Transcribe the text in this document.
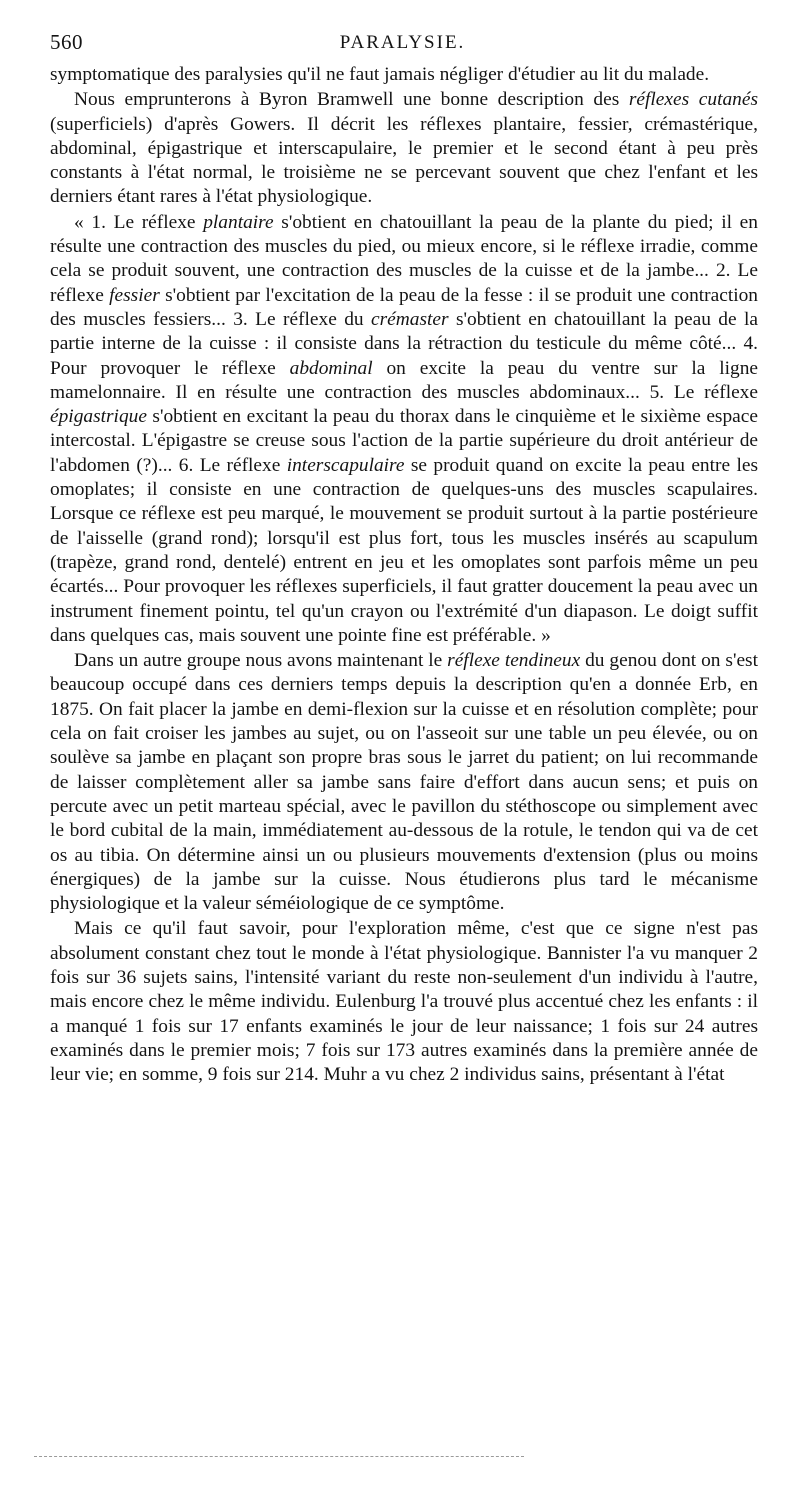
560	PARALYSIE.

symptomatique des paralysies qu'il ne faut jamais négliger d'étudier au lit du malade.

Nous emprunterons à Byron Bramwell une bonne description des réflexes cutanés (superficiels) d'après Gowers. Il décrit les réflexes plantaire, fessier, crémastérique, abdominal, épigastrique et interscapulaire, le premier et le second étant à peu près constants à l'état normal, le troisième ne se percevant souvent que chez l'enfant et les derniers étant rares à l'état physiologique.

« 1. Le réflexe plantaire s'obtient en chatouillant la peau de la plante du pied; il en résulte une contraction des muscles du pied, ou mieux encore, si le réflexe irradie, comme cela se produit souvent, une contraction des muscles de la cuisse et de la jambe... 2. Le réflexe fessier s'obtient par l'excitation de la peau de la fesse : il se produit une contraction des muscles fessiers... 3. Le réflexe du crémaster s'obtient en chatouillant la peau de la partie interne de la cuisse : il consiste dans la rétraction du testicule du même côté... 4. Pour provoquer le réflexe abdominal on excite la peau du ventre sur la ligne mamelonnaire. Il en résulte une contraction des muscles abdominaux... 5. Le réflexe épigastrique s'obtient en excitant la peau du thorax dans le cinquième et le sixième espace intercostal. L'épigastre se creuse sous l'action de la partie supérieure du droit antérieur de l'abdomen (?)... 6. Le réflexe interscapulaire se produit quand on excite la peau entre les omoplates; il consiste en une contraction de quelques-uns des muscles scapulaires. Lorsque ce réflexe est peu marqué, le mouvement se produit surtout à la partie postérieure de l'aisselle (grand rond); lorsqu'il est plus fort, tous les muscles insérés au scapulum (trapèze, grand rond, dentelé) entrent en jeu et les omoplates sont parfois même un peu écartés... Pour provoquer les réflexes superficiels, il faut gratter doucement la peau avec un instrument finement pointu, tel qu'un crayon ou l'extrémité d'un diapason. Le doigt suffit dans quelques cas, mais souvent une pointe fine est préférable. »

Dans un autre groupe nous avons maintenant le réflexe tendineux du genou dont on s'est beaucoup occupé dans ces derniers temps depuis la description qu'en a donnée Erb, en 1875. On fait placer la jambe en demi-flexion sur la cuisse et en résolution complète; pour cela on fait croiser les jambes au sujet, ou on l'asseoit sur une table un peu élevée, ou on soulève sa jambe en plaçant son propre bras sous le jarret du patient; on lui recommande de laisser complètement aller sa jambe sans faire d'effort dans aucun sens; et puis on percute avec un petit marteau spécial, avec le pavillon du stéthoscope ou simplement avec le bord cubital de la main, immédiatement au-dessous de la rotule, le tendon qui va de cet os au tibia. On détermine ainsi un ou plusieurs mouvements d'extension (plus ou moins énergiques) de la jambe sur la cuisse. Nous étudierons plus tard le mécanisme physiologique et la valeur séméiologique de ce symptôme.

Mais ce qu'il faut savoir, pour l'exploration même, c'est que ce signe n'est pas absolument constant chez tout le monde à l'état physiologique. Bannister l'a vu manquer 2 fois sur 36 sujets sains, l'intensité variant du reste non-seulement d'un individu à l'autre, mais encore chez le même individu. Eulenburg l'a trouvé plus accentué chez les enfants : il a manqué 1 fois sur 17 enfants examinés le jour de leur naissance; 1 fois sur 24 autres examinés dans le premier mois; 7 fois sur 173 autres examinés dans la première année de leur vie; en somme, 9 fois sur 214. Muhr a vu chez 2 individus sains, présentant à l'état
